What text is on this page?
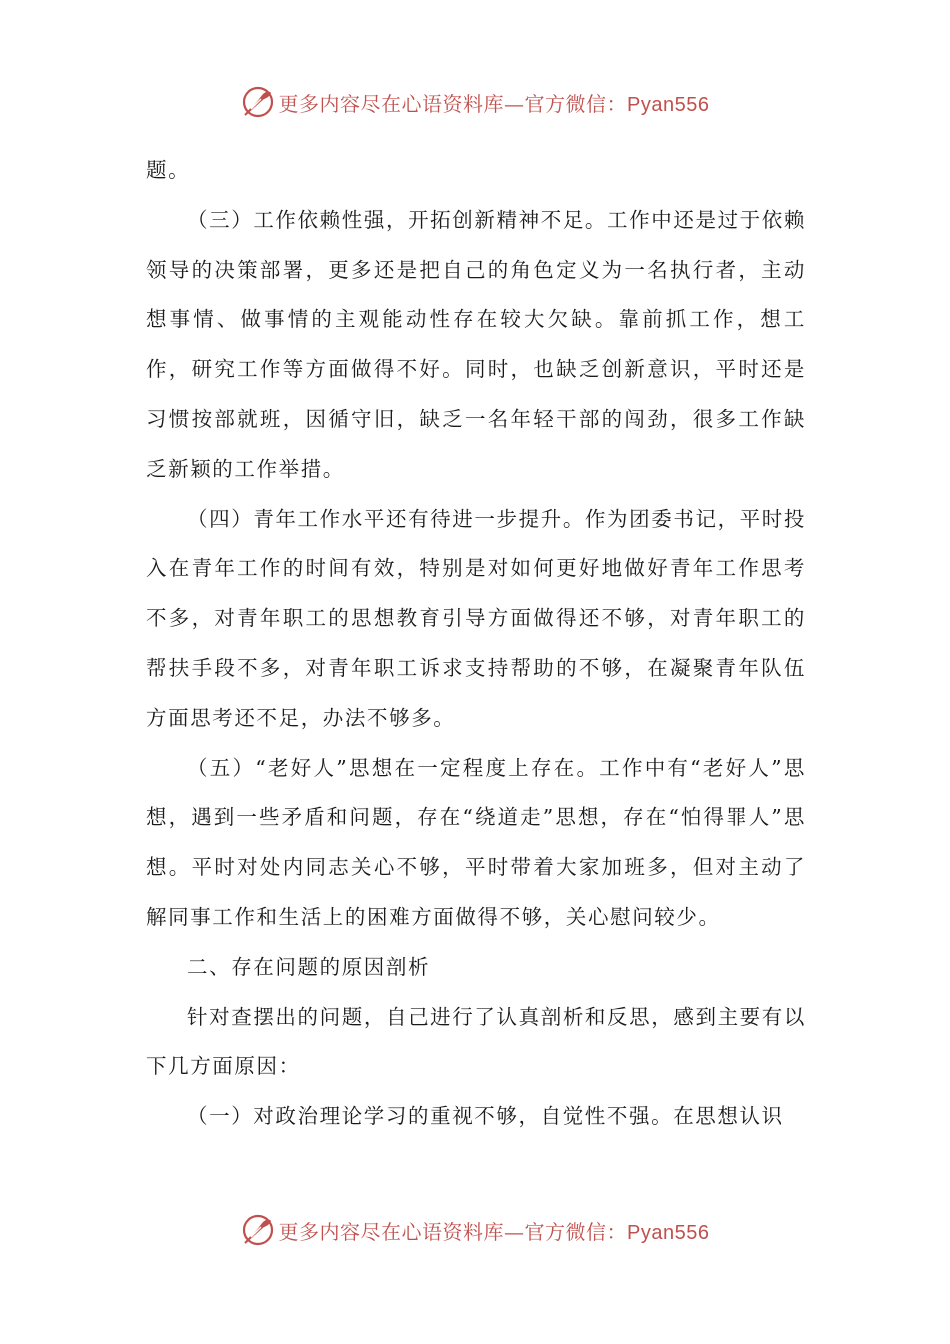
更多内容尽在心语资料库—官方微信：Pyan556

题。

（三）工作依赖性强，开拓创新精神不足。工作中还是过于依赖领导的决策部署，更多还是把自己的角色定义为一名执行者，主动想事情、做事情的主观能动性存在较大欠缺。靠前抓工作，想工作，研究工作等方面做得不好。同时，也缺乏创新意识，平时还是习惯按部就班，因循守旧，缺乏一名年轻干部的闯劲，很多工作缺乏新颖的工作举措。

（四）青年工作水平还有待进一步提升。作为团委书记，平时投入在青年工作的时间有效，特别是对如何更好地做好青年工作思考不多，对青年职工的思想教育引导方面做得还不够，对青年职工的帮扶手段不多，对青年职工诉求支持帮助的不够，在凝聚青年队伍方面思考还不足，办法不够多。

（五）“老好人”思想在一定程度上存在。工作中有“老好人”思想，遇到一些矛盾和问题，存在“绕道走”思想，存在“怕得罪人”思想。平时对处内同志关心不够，平时带着大家加班多，但对主动了解同事工作和生活上的困难方面做得不够，关心慰问较少。

二、存在问题的原因剖析

针对查摆出的问题，自己进行了认真剖析和反思，感到主要有以下几方面原因：

（一）对政治理论学习的重视不够，自觉性不强。在思想认识

更多内容尽在心语资料库—官方微信：Pyan556
